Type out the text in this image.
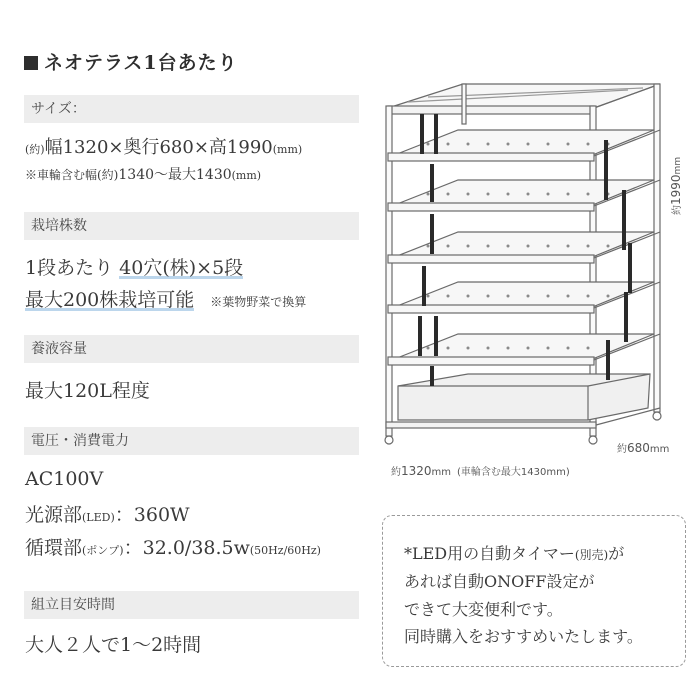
ネオテラス1台あたり
サイズ：
(約)幅1320×奥行680×高1990(mm)
※車輪含む幅(約)1340～最大1430(mm)
栽培株数
1段あたり 40穴(株)×5段
最大200株栽培可能 ※葉物野菜で換算
養液容量
最大120L程度
電圧・消費電力
AC100V
光源部(LED)：360W
循環部(ポンプ)：32.0/38.5w(50Hz/60Hz)
組立目安時間
大人２人で1～2時間
約1990mm
約680mm
約1320mm (車輪含む最大1430mm)
*LED用の自動タイマー(別売)が
あれば自動ONOFF設定が
できて大変便利です。
同時購入をおすすめいたします。
